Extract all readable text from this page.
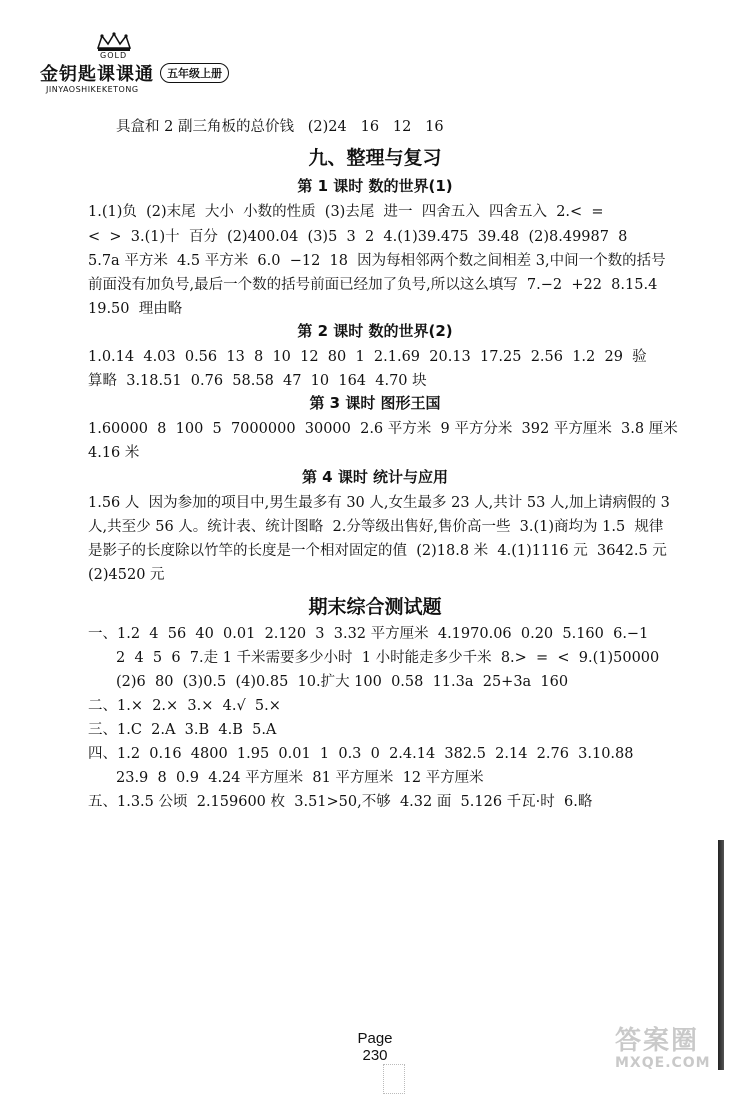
GOLD
金钥匙课课通	五年级上册
JINYAOSHIKEKETONG
具盒和 2 副三角板的总价钱   (2)24   16   12   16
九、整理与复习
第 1 课时 数的世界(1)
1.(1)负  (2)末尾  大小  小数的性质  (3)去尾  进一  四舍五入  四舍五入  2.<  =
<  >  3.(1)十  百分  (2)400.04  (3)5  3  2  4.(1)39.475  39.48  (2)8.49987  8
5.7a 平方米  4.5 平方米  6.0  −12  18  因为每相邻两个数之间相差 3,中间一个数的括号
前面没有加负号,最后一个数的括号前面已经加了负号,所以这么填写  7.−2  +22  8.15.4
19.50  理由略
第 2 课时 数的世界(2)
1.0.14  4.03  0.56  13  8  10  12  80  1  2.1.69  20.13  17.25  2.56  1.2  29  验
算略  3.18.51  0.76  58.58  47  10  164  4.70 块
第 3 课时 图形王国
1.60000  8  100  5  7000000  30000  2.6 平方米  9 平方分米  392 平方厘米  3.8 厘米
4.16 米
第 4 课时 统计与应用
1.56 人  因为参加的项目中,男生最多有 30 人,女生最多 23 人,共计 53 人,加上请病假的 3
人,共至少 56 人。统计表、统计图略  2.分等级出售好,售价高一些  3.(1)商均为 1.5  规律
是影子的长度除以竹竿的长度是一个相对固定的值  (2)18.8 米  4.(1)1116 元  3642.5 元
(2)4520 元
期末综合测试题
一、1.2  4  56  40  0.01  2.120  3  3.32 平方厘米  4.1970.06  0.20  5.160  6.−1
2  4  5  6  7.走 1 千米需要多少小时  1 小时能走多少千米  8.>  =  <  9.(1)50000
(2)6  80  (3)0.5  (4)0.85  10.扩大 100  0.58  11.3a  25+3a  160
二、1.×  2.×  3.×  4.√  5.×
三、1.C  2.A  3.B  4.B  5.A
四、1.2  0.16  4800  1.95  0.01  1  0.3  0  2.4.14  382.5  2.14  2.76  3.10.88
23.9  8  0.9  4.24 平方厘米  81 平方厘米  12 平方厘米
五、1.3.5 公顷  2.159600 枚  3.51>50,不够  4.32 面  5.126 千瓦·时  6.略
Page
230	答案圈
MXQE.COM
